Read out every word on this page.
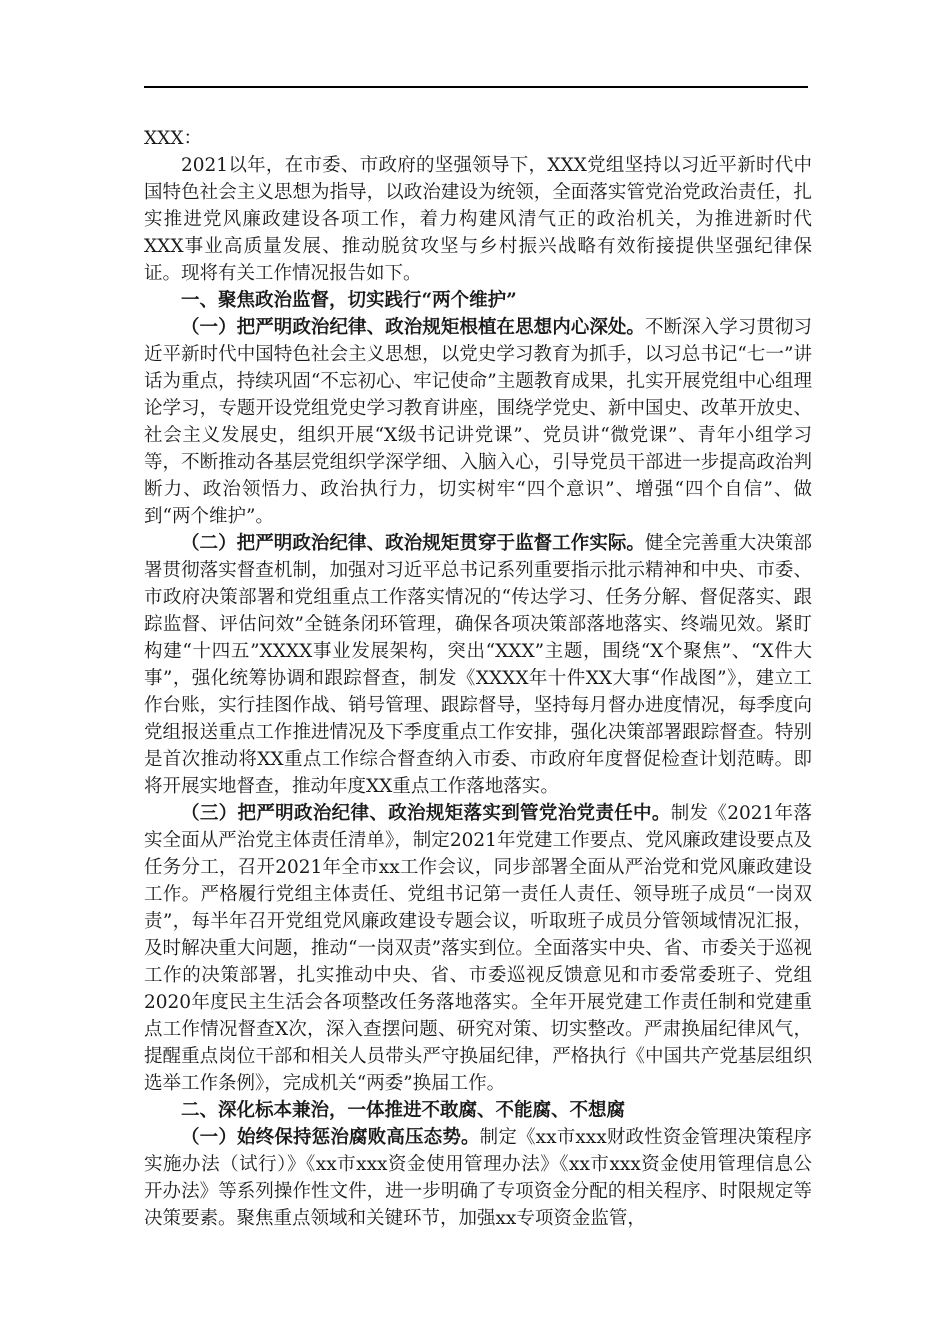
XXX：

2021以年，在市委、市政府的坚强领导下，XXX党组坚持以习近平新时代中国特色社会主义思想为指导，以政治建设为统领，全面落实管党治党政治责任，扎实推进党风廉政建设各项工作，着力构建风清气正的政治机关，为推进新时代XXX事业高质量发展、推动脱贫攻坚与乡村振兴战略有效衔接提供坚强纪律保证。现将有关工作情况报告如下。

一、聚焦政治监督，切实践行“两个维护”

（一）把严明政治纪律、政治规矩根植在思想内心深处。不断深入学习贯彻习近平新时代中国特色社会主义思想，以党史学习教育为抓手，以习总书记“七一”讲话为重点，持续巩固“不忘初心、牢记使命”主题教育成果，扎实开展党组中心组理论学习，专题开设党组党史学习教育讲座，围绕学党史、新中国史、改革开放史、社会主义发展史，组织开展“X级书记讲党课”、党员讲“微党课”、青年小组学习等，不断推动各基层党组织学深学细、入脑入心，引导党员干部进一步提高政治判断力、政治领悟力、政治执行力，切实树牢“四个意识”、增强“四个自信”、做到“两个维护”。

（二）把严明政治纪律、政治规矩贯穿于监督工作实际。健全完善重大决策部署贯彻落实督查机制，加强对习近平总书记系列重要指示批示精神和中央、市委、市政府决策部署和党组重点工作落实情况的“传达学习、任务分解、督促落实、跟踪监督、评估问效”全链条闭环管理，确保各项决策部落地落实、终端见效。紧盯构建“十四五”XXXX事业发展架构，突出“XXX”主题，围绕“X个聚焦”、“X件大事”，强化统筹协调和跟踪督查，制发《XXXX年十件XX大事“作战图”》，建立工作台账，实行挂图作战、销号管理、跟踪督导，坚持每月督办进度情况，每季度向党组报送重点工作推进情况及下季度重点工作安排，强化决策部署跟踪督查。特别是首次推动将XX重点工作综合督查纳入市委、市政府年度督促检查计划范畴。即将开展实地督查，推动年度XX重点工作落地落实。

（三）把严明政治纪律、政治规矩落实到管党治党责任中。制发《2021年落实全面从严治党主体责任清单》，制定2021年党建工作要点、党风廉政建设要点及任务分工，召开2021年全市xx工作会议，同步部署全面从严治党和党风廉政建设工作。严格履行党组主体责任、党组书记第一责任人责任、领导班子成员“一岗双责”，每半年召开党组党风廉政建设专题会议，听取班子成员分管领域情况汇报，及时解决重大问题，推动“一岗双责”落实到位。全面落实中央、省、市委关于巡视工作的决策部署，扎实推动中央、省、市委巡视反馈意见和市委常委班子、党组2020年度民主生活会各项整改任务落地落实。全年开展党建工作责任制和党建重点工作情况督查X次，深入查摆问题、研究对策、切实整改。严肃换届纪律风气，提醒重点岗位干部和相关人员带头严守换届纪律，严格执行《中国共产党基层组织选举工作条例》，完成机关“两委”换届工作。

二、深化标本兼治，一体推进不敢腐、不能腐、不想腐

（一）始终保持惩治腐败高压态势。制定《xx市xxx财政性资金管理决策程序实施办法（试行）》《xx市xxx资金使用管理办法》《xx市xxx资金使用管理信息公开办法》等系列操作性文件，进一步明确了专项资金分配的相关程序、时限规定等决策要素。聚焦重点领域和关键环节，加强xx专项资金监管，
